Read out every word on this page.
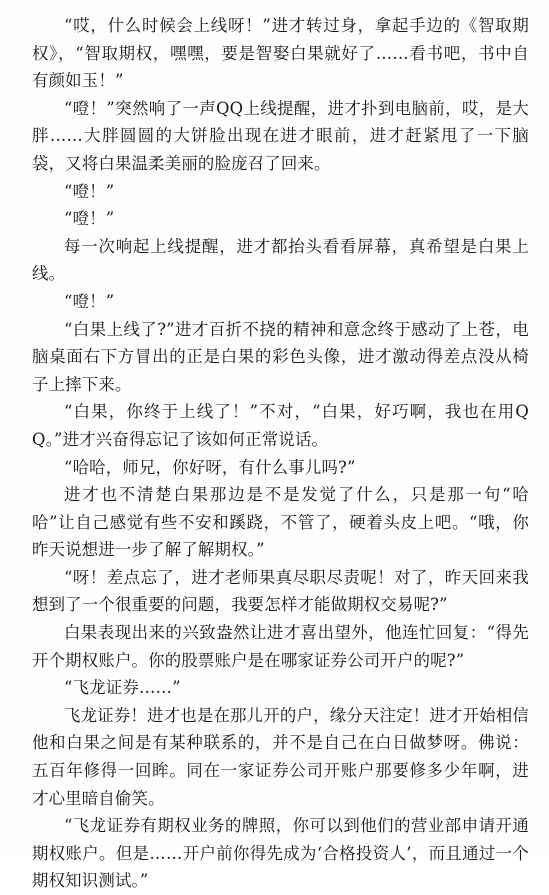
“哎，什么时候会上线呀！”进才转过身，拿起手边的《智取期权》，“智取期权，嘿嘿，要是智娶白果就好了……看书吧，书中自有颜如玉！”

“噔！”突然响了一声QQ上线提醒，进才扑到电脑前，哎，是大胖……大胖圆圆的大饼脸出现在进才眼前，进才赶紧甩了一下脑袋，又将白果温柔美丽的脸庞召了回来。

“噔！”

“噔！”

每一次响起上线提醒，进才都抬头看看屏幕，真希望是白果上线。

“噔！”

“白果上线了?”进才百折不挠的精神和意念终于感动了上苍，电脑桌面右下方冒出的正是白果的彩色头像，进才激动得差点没从椅子上摔下来。

“白果，你终于上线了！”不对，“白果，好巧啊，我也在用QQ。”进才兴奋得忘记了该如何正常说话。

“哈哈，师兄，你好呀，有什么事儿吗?”

进才也不清楚白果那边是不是发觉了什么，只是那一句“哈哈”让自己感觉有些不安和蹊跷，不管了，硬着头皮上吧。“哦，你昨天说想进一步了解了解期权。”

“呀！差点忘了，进才老师果真尽职尽责呢！对了，昨天回来我想到了一个很重要的问题，我要怎样才能做期权交易呢?”

白果表现出来的兴致盎然让进才喜出望外，他连忙回复：“得先开个期权账户。你的股票账户是在哪家证券公司开户的呢?”

“飞龙证券……”

飞龙证券！进才也是在那儿开的户，缘分天注定！进才开始相信他和白果之间是有某种联系的，并不是自己在白日做梦呀。佛说：五百年修得一回眸。同在一家证券公司开账户那要修多少年啊，进才心里暗自偷笑。

“飞龙证券有期权业务的牌照，你可以到他们的营业部申请开通期权账户。但是……开户前你得先成为‘合格投资人’，而且通过一个期权知识测试。”
